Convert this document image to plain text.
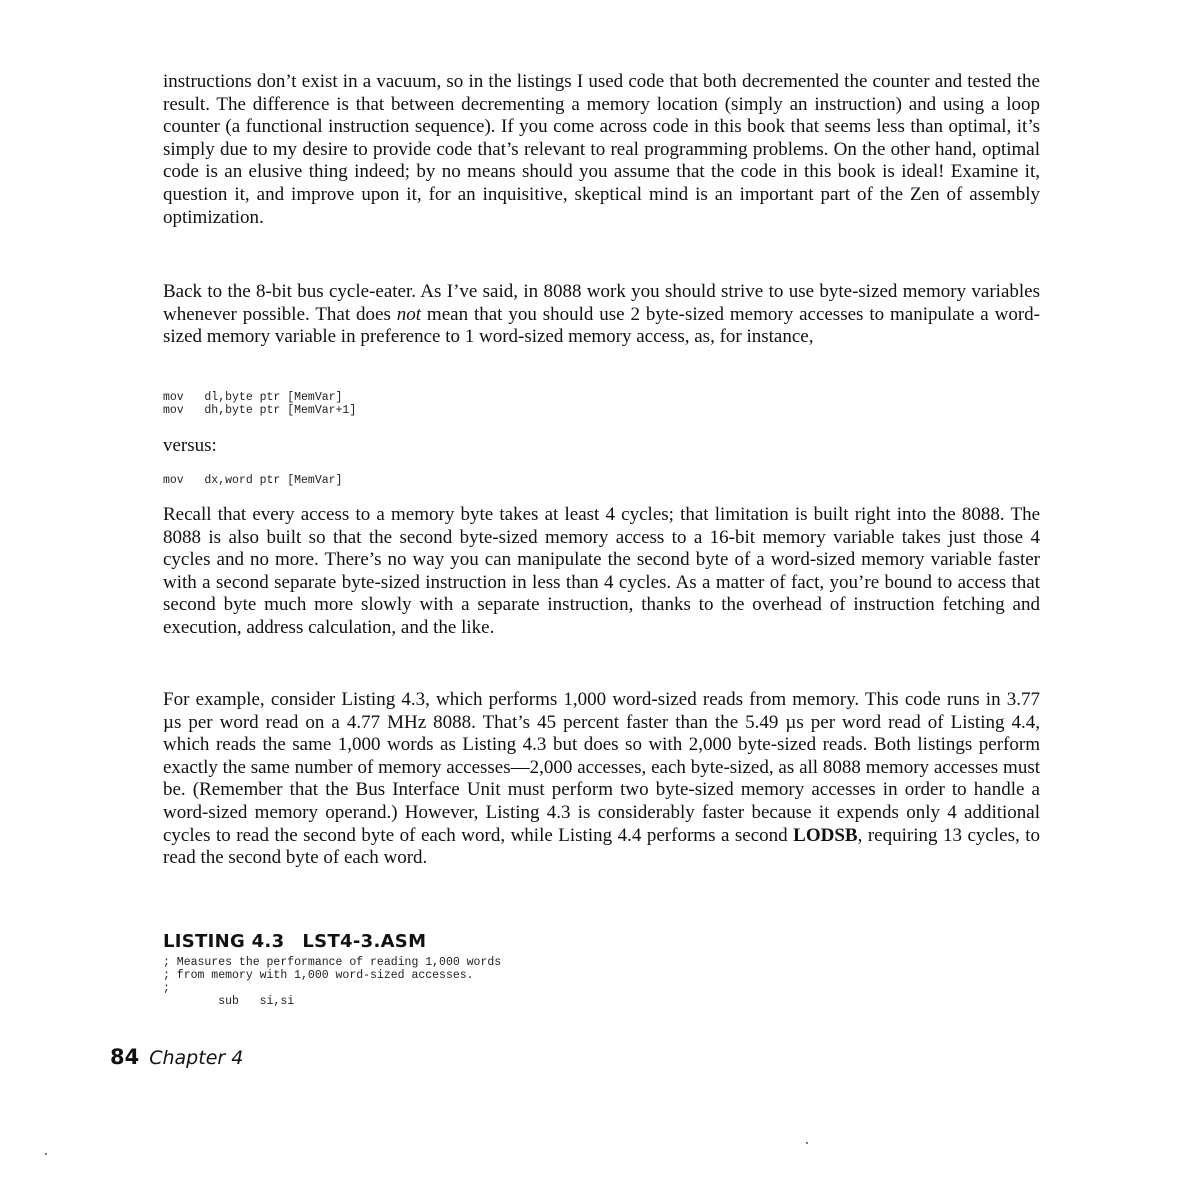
instructions don’t exist in a vacuum, so in the listings I used code that both decremented the counter and tested the result. The difference is that between decrementing a memory location (simply an instruction) and using a loop counter (a functional instruction sequence). If you come across code in this book that seems less than optimal, it’s simply due to my desire to provide code that’s relevant to real programming problems. On the other hand, optimal code is an elusive thing indeed; by no means should you assume that the code in this book is ideal! Examine it, question it, and improve upon it, for an inquisitive, skeptical mind is an important part of the Zen of assembly optimization.

Back to the 8-bit bus cycle-eater. As I’ve said, in 8088 work you should strive to use byte-sized memory variables whenever possible. That does not mean that you should use 2 byte-sized memory accesses to manipulate a word-sized memory variable in preference to 1 word-sized memory access, as, for instance,

mov   dl,byte ptr [MemVar]
mov   dh,byte ptr [MemVar+1]

versus:

mov   dx,word ptr [MemVar]

Recall that every access to a memory byte takes at least 4 cycles; that limitation is built right into the 8088. The 8088 is also built so that the second byte-sized memory access to a 16-bit memory variable takes just those 4 cycles and no more. There’s no way you can manipulate the second byte of a word-sized memory variable faster with a second separate byte-sized instruction in less than 4 cycles. As a matter of fact, you’re bound to access that second byte much more slowly with a separate instruction, thanks to the overhead of instruction fetching and execution, address calculation, and the like.

For example, consider Listing 4.3, which performs 1,000 word-sized reads from memory. This code runs in 3.77 µs per word read on a 4.77 MHz 8088. That’s 45 percent faster than the 5.49 µs per word read of Listing 4.4, which reads the same 1,000 words as Listing 4.3 but does so with 2,000 byte-sized reads. Both listings perform exactly the same number of memory accesses—2,000 accesses, each byte-sized, as all 8088 memory accesses must be. (Remember that the Bus Interface Unit must perform two byte-sized memory accesses in order to handle a word-sized memory operand.) However, Listing 4.3 is considerably faster because it expends only 4 additional cycles to read the second byte of each word, while Listing 4.4 performs a second LODSB, requiring 13 cycles, to read the second byte of each word.

LISTING 4.3 LST4-3.ASM

; Measures the performance of reading 1,000 words
; from memory with 1,000 word-sized accesses.
;
sub   si,si

84 Chapter 4
